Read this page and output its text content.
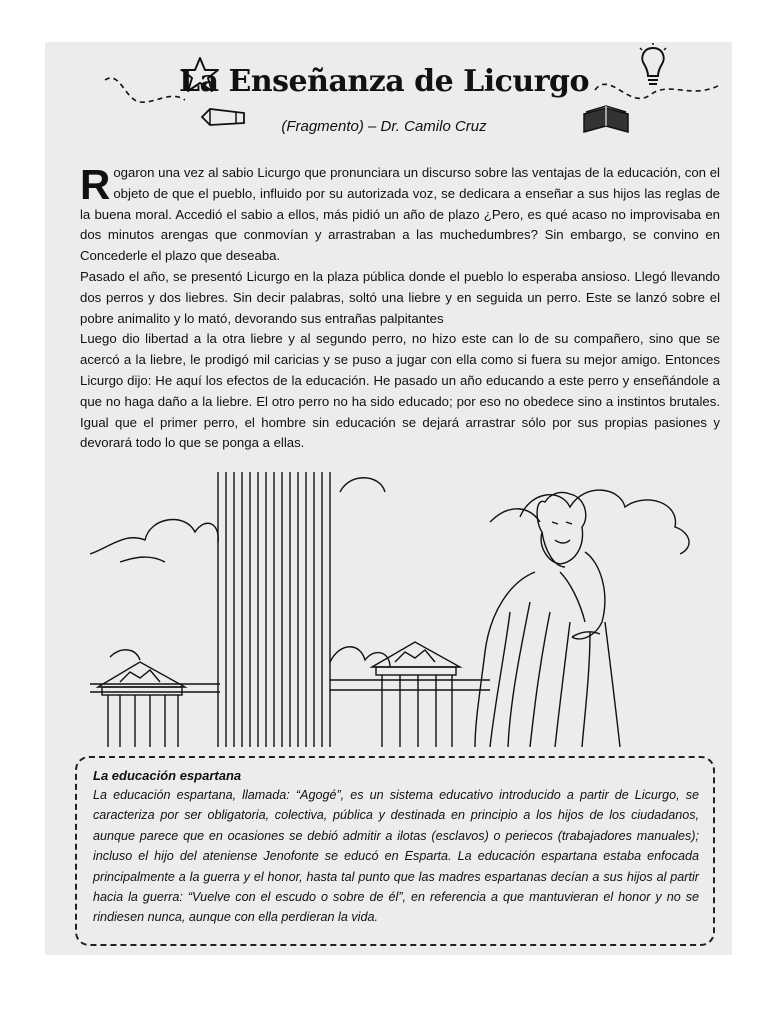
La Enseñanza de Licurgo
(Fragmento) – Dr. Camilo Cruz

Rogaron una vez al sabio Licurgo que pronunciara un discurso sobre las ventajas de la educación, con el objeto de que el pueblo, influido por su autorizada voz, se dedicara a enseñar a sus hijos las reglas de la buena moral. Accedió el sabio a ellos, más pidió un año de plazo ¿Pero, es qué acaso no improvisaba en dos minutos arengas que conmovían y arrastraban a las muchedumbres? Sin embargo, se convino en Concederle el plazo que deseaba.

Pasado el año, se presentó Licurgo en la plaza pública donde el pueblo lo esperaba ansioso. Llegó llevando dos perros y dos liebres. Sin decir palabras, soltó una liebre y en seguida un perro. Este se lanzó sobre el pobre animalito y lo mató, devorando sus entrañas palpitantes

Luego dio libertad a la otra liebre y al segundo perro, no hizo este can lo de su compañero, sino que se acercó a la liebre, le prodigó mil caricias y se puso a jugar con ella como si fuera su mejor amigo. Entonces Licurgo dijo: He aquí los efectos de la educación. He pasado un año educando a este perro y enseñándole a que no haga daño a la liebre. El otro perro no ha sido educado; por eso no obedece sino a instintos brutales. Igual que el primer perro, el hombre sin educación se dejará arrastrar sólo por sus propias pasiones y devorará todo lo que se ponga a ellas.

La educación espartana

La educación espartana, llamada: “Agogé”, es un sistema educativo introducido a partir de Licurgo, se caracteriza por ser obligatoria, colectiva, pública y destinada en principio a los hijos de los ciudadanos, aunque parece que en ocasiones se debió admitir a ilotas (esclavos) o periecos (trabajadores manuales); incluso el hijo del ateniense Jenofonte se educó en Esparta. La educación espartana estaba enfocada principalmente a la guerra y el honor, hasta tal punto que las madres espartanas decían a sus hijos al partir hacia la guerra: “Vuelve con el escudo o sobre de él”, en referencia a que mantuvieran el honor y no se rindiesen nunca, aunque con ella perdieran la vida.
